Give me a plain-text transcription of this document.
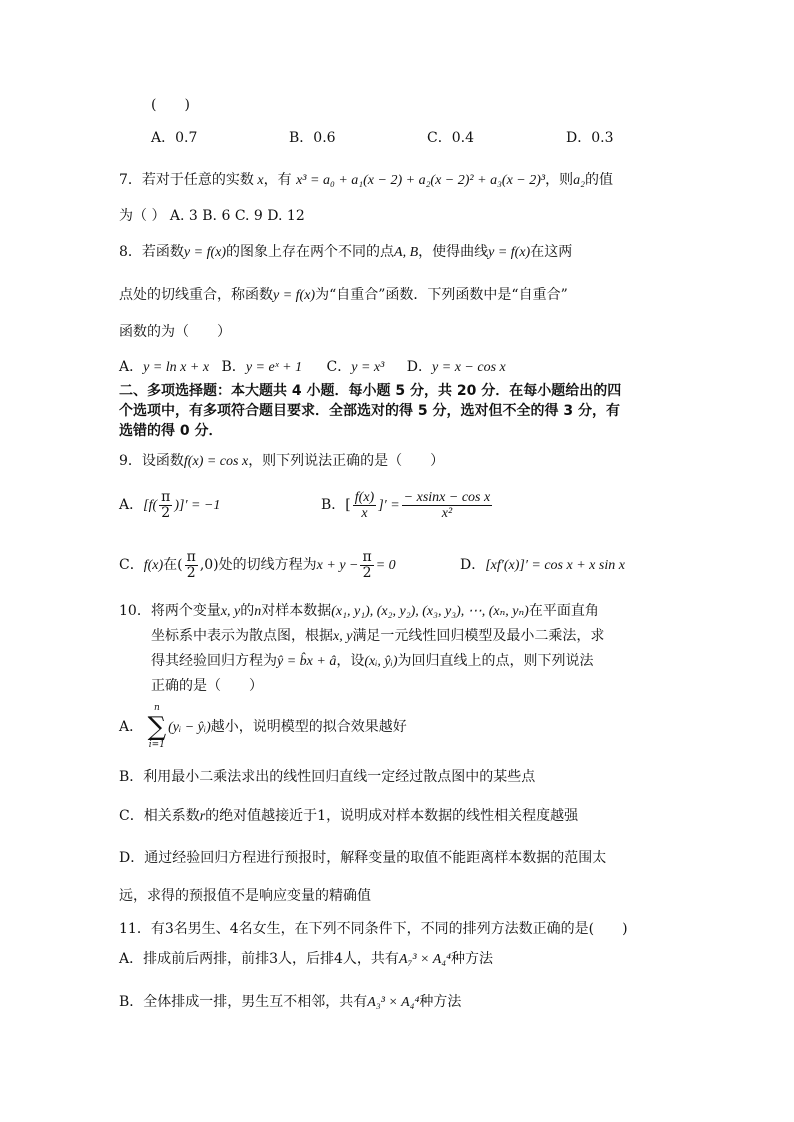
(　　)
A．0.7	B．0.6	C．0.4	D．0.3
7．若对于任意的实数 x，有 x³ = a₀ + a₁(x − 2) + a₂(x − 2)² + a₃(x − 2)³，则a₂的值
为（ ） A. 3 B. 6 C. 9 D. 12
8．若函数y = f(x)的图象上存在两个不同的点A, B，使得曲线y = f(x)在这两
点处的切线重合，称函数y = f(x)为“自重合”函数．下列函数中是“自重合”
函数的为（　　）
A．y = ln x + x B．y = eˣ + 1 C．y = x³ D．y = x − cos x
二、多项选择题：本大题共 4 小题．每小题 5 分，共 20 分．在每小题给出的四
个选项中，有多项符合题目要求．全部选对的得 5 分，选对但不全的得 3 分，有
选错的得 0 分．
9．设函数f(x) = cos x，则下列说法正确的是（　　）
A．[$f( \frac{\pi}{2}$ )]′ = −1	B．[ $\frac{f(x)}{x}$ ]′ = $\frac{\text{− xsinx − cos x}}{\text{x²}}$
C．f(x)在( $\frac{\pi}{2} ,0$)处的切线方程为$x + y - \frac{\pi}{2} = 0$	D．[xf′(x)]′ = cos x + x sin x
10．将两个变量x, y的n对样本数据(x₁, y₁), (x₂, y₂), (x₃, y₃), ⋯, (xₙ, yₙ)在平面直角
坐标系中表示为散点图，根据x, y满足一元线性回归模型及最小二乘法，求
得其经验回归方程为ŷ = b̂x + â，设(xᵢ, ŷᵢ)为回归直线上的点，则下列说法
正确的是（　　）
A．
n
∑
i=1
(yᵢ − ŷᵢ)越小，说明模型的拟合效果越好
B．利用最小二乘法求出的线性回归直线一定经过散点图中的某些点
C．相关系数r的绝对值越接近于1，说明成对样本数据的线性相关程度越强
D．通过经验回归方程进行预报时，解释变量的取值不能距离样本数据的范围太
远，求得的预报值不是响应变量的精确值
11．有3名男生、4名女生，在下列不同条件下，不同的排列方法数正确的是(　　)
A．排成前后两排，前排3人，后排4人，共有A₇³ × A₄⁴种方法
B．全体排成一排，男生互不相邻，共有A₃³ × A₄⁴种方法
